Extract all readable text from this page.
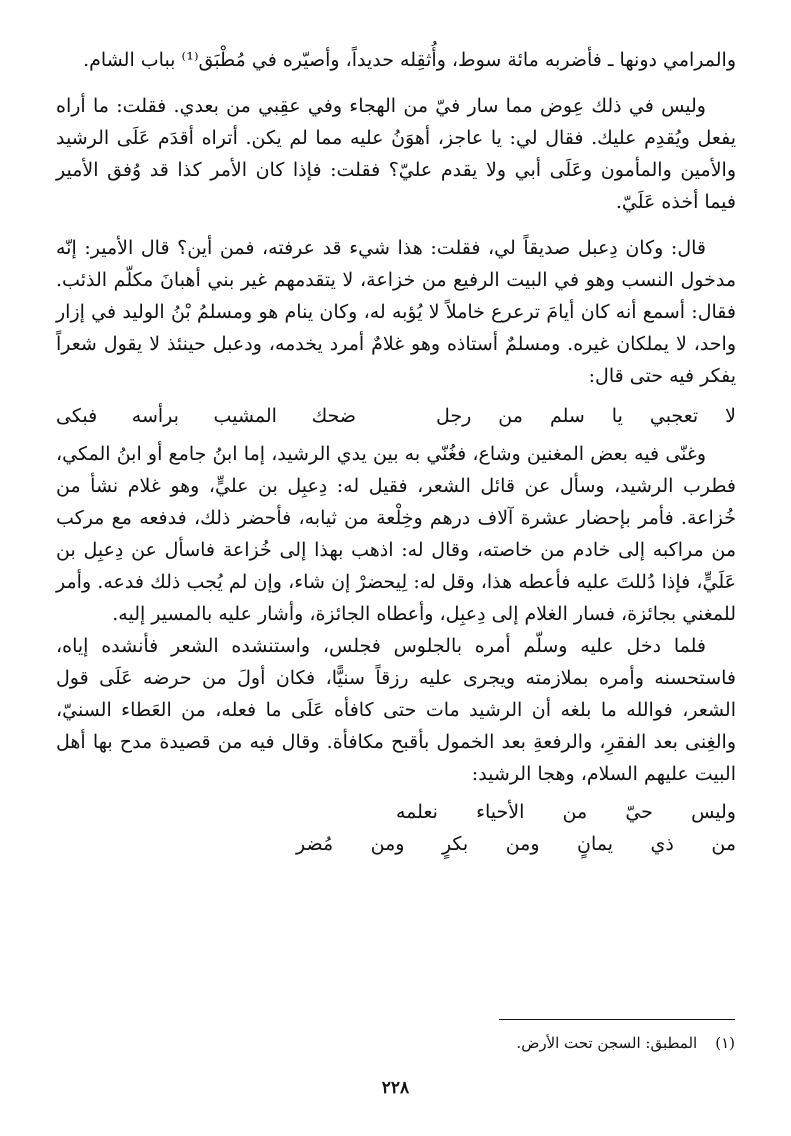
والمرامي دونها ـ فأضربه مائة سوط، وأُثقِله حديداً، وأصيّره في مُطْبَق⁽¹⁾ بباب الشام.

وليس في ذلك عِوض مما سار فيّ من الهجاء وفي عقِبي من بعدي. فقلت: ما أراه يفعل ويُقدِم عليك. فقال لي: يا عاجز، أهوَنُ عليه مما لم يكن. أتراه أقدَم عَلَى الرشيد والأمين والمأمون وعَلَى أبي ولا يقدم عليّ؟ فقلت: فإذا كان الأمر كذا قد وُفق الأمير فيما أخذه عَلَيّ.

قال: وكان دِعبل صديقاً لي، فقلت: هذا شيء قد عرفته، فمن أين؟ قال الأمير: إنّه مدخول النسب وهو في البيت الرفيع من خزاعة، لا يتقدمهم غير بني أهبانَ مكلّم الذئب. فقال: أسمع أنه كان أيامَ ترعرع خاملاً لا يُؤبه له، وكان ينام هو ومسلمُ بْنُ الوليد في إزار واحد، لا يملكان غيره. ومسلمٌ أستاذه وهو غلامٌ أمرد يخدمه، ودعبل حينئذ لا يقول شعراً يفكر فيه حتى قال:

لا تعجبي يا سلم من رجل
ضحك المشيب برأسه فبكى

وغنّى فيه بعض المغنين وشاع، فغُنّي به بين يدي الرشيد، إما ابنُ جامع أو ابنُ المكي، فطرب الرشيد، وسأل عن قائل الشعر، فقيل له: دِعبِل بن عليٍّ، وهو غلام نشأ من خُزاعة. فأمر بإحضار عشرة آلاف درهم وخِلْعة من ثيابه، فأحضر ذلك، فدفعه مع مركب من مراكبه إلى خادم من خاصته، وقال له: اذهب بهذا إلى خُزاعة فاسأل عن دِعبِل بن عَلَيٍّ، فإذا دُللتَ عليه فأعطه هذا، وقل له: لِيحضرْ إن شاء، وإن لم يُجب ذلك فدعه. وأمر للمغني بجائزة، فسار الغلام إلى دِعبِل، وأعطاه الجائزة، وأشار عليه بالمسير إليه.

فلما دخل عليه وسلّم أمره بالجلوس فجلس، واستنشده الشعر فأنشده إياه، فاستحسنه وأمره بملازمته ويجرى عليه رزقاً سنيًّا، فكان أولَ من حرضه عَلَى قول الشعر، فوالله ما بلغه أن الرشيد مات حتى كافأه عَلَى ما فعله، من العَطاء السنيّ، والغِنى بعد الفقرِ، والرفعةِ بعد الخمول بأقبح مكافأة. وقال فيه من قصيدة مدح بها أهل البيت عليهم السلام، وهجا الرشيد:

وليس حيّ من الأحياء نعلمه
من ذي يمانٍ ومن بكرٍ ومن مُضر
(١)المطبق: السجن تحت الأرض.
٢٢٨
